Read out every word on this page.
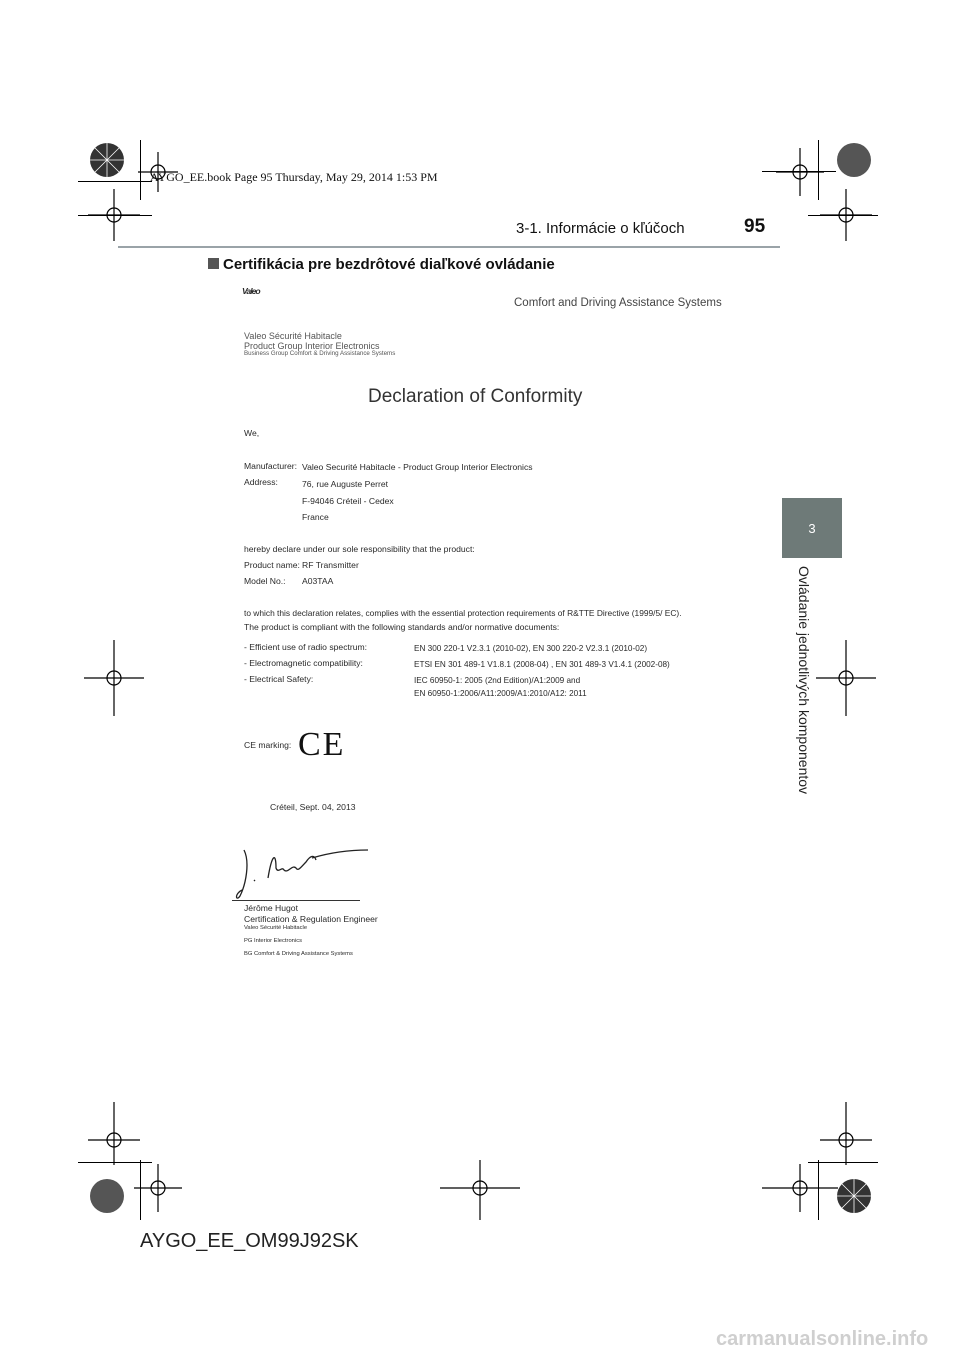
AYGO_EE.book Page 95 Thursday, May 29, 2014 1:53 PM
3-1. Informácie o kľúčoch	95
3
Ovládanie jednotlivých komponentov
Certifikácia pre bezdrôtové diaľkové ovládanie
Valeo
Comfort and Driving Assistance Systems
Valeo Sécurité Habitacle
Product Group Interior Electronics
Business Group Comfort & Driving Assistance Systems
Declaration of Conformity
We,
Manufacturer: Valeo Securité Habitacle - Product Group Interior Electronics
Address:	76, rue Auguste Perret
F-94046 Créteil - Cedex
France
hereby declare under our sole responsibility that the product:
Product name: RF Transmitter
Model No.: A03TAA
to which this declaration relates, complies with the essential protection requirements of R&TTE Directive (1999/5/ EC).
The product is compliant with the following standards and/or normative documents:
- Efficient use of radio spectrum:	EN 300 220-1 V2.3.1 (2010-02), EN 300 220-2 V2.3.1 (2010-02)
- Electromagnetic compatibility:	ETSI EN 301 489-1 V1.8.1 (2008-04) , EN 301 489-3 V1.4.1 (2002-08)
- Electrical Safety:	IEC 60950-1: 2005 (2nd Edition)/A1:2009 and
EN 60950-1:2006/A11:2009/A1:2010/A12: 2011
CE marking: CE
Créteil, Sept. 04, 2013
Jérôme Hugot
Certification & Regulation Engineer
Valeo Sécurité Habitacle
PG Interior Electronics
BG Comfort & Driving Assistance Systems
AYGO_EE_OM99J92SK
carmanualsonline.info
